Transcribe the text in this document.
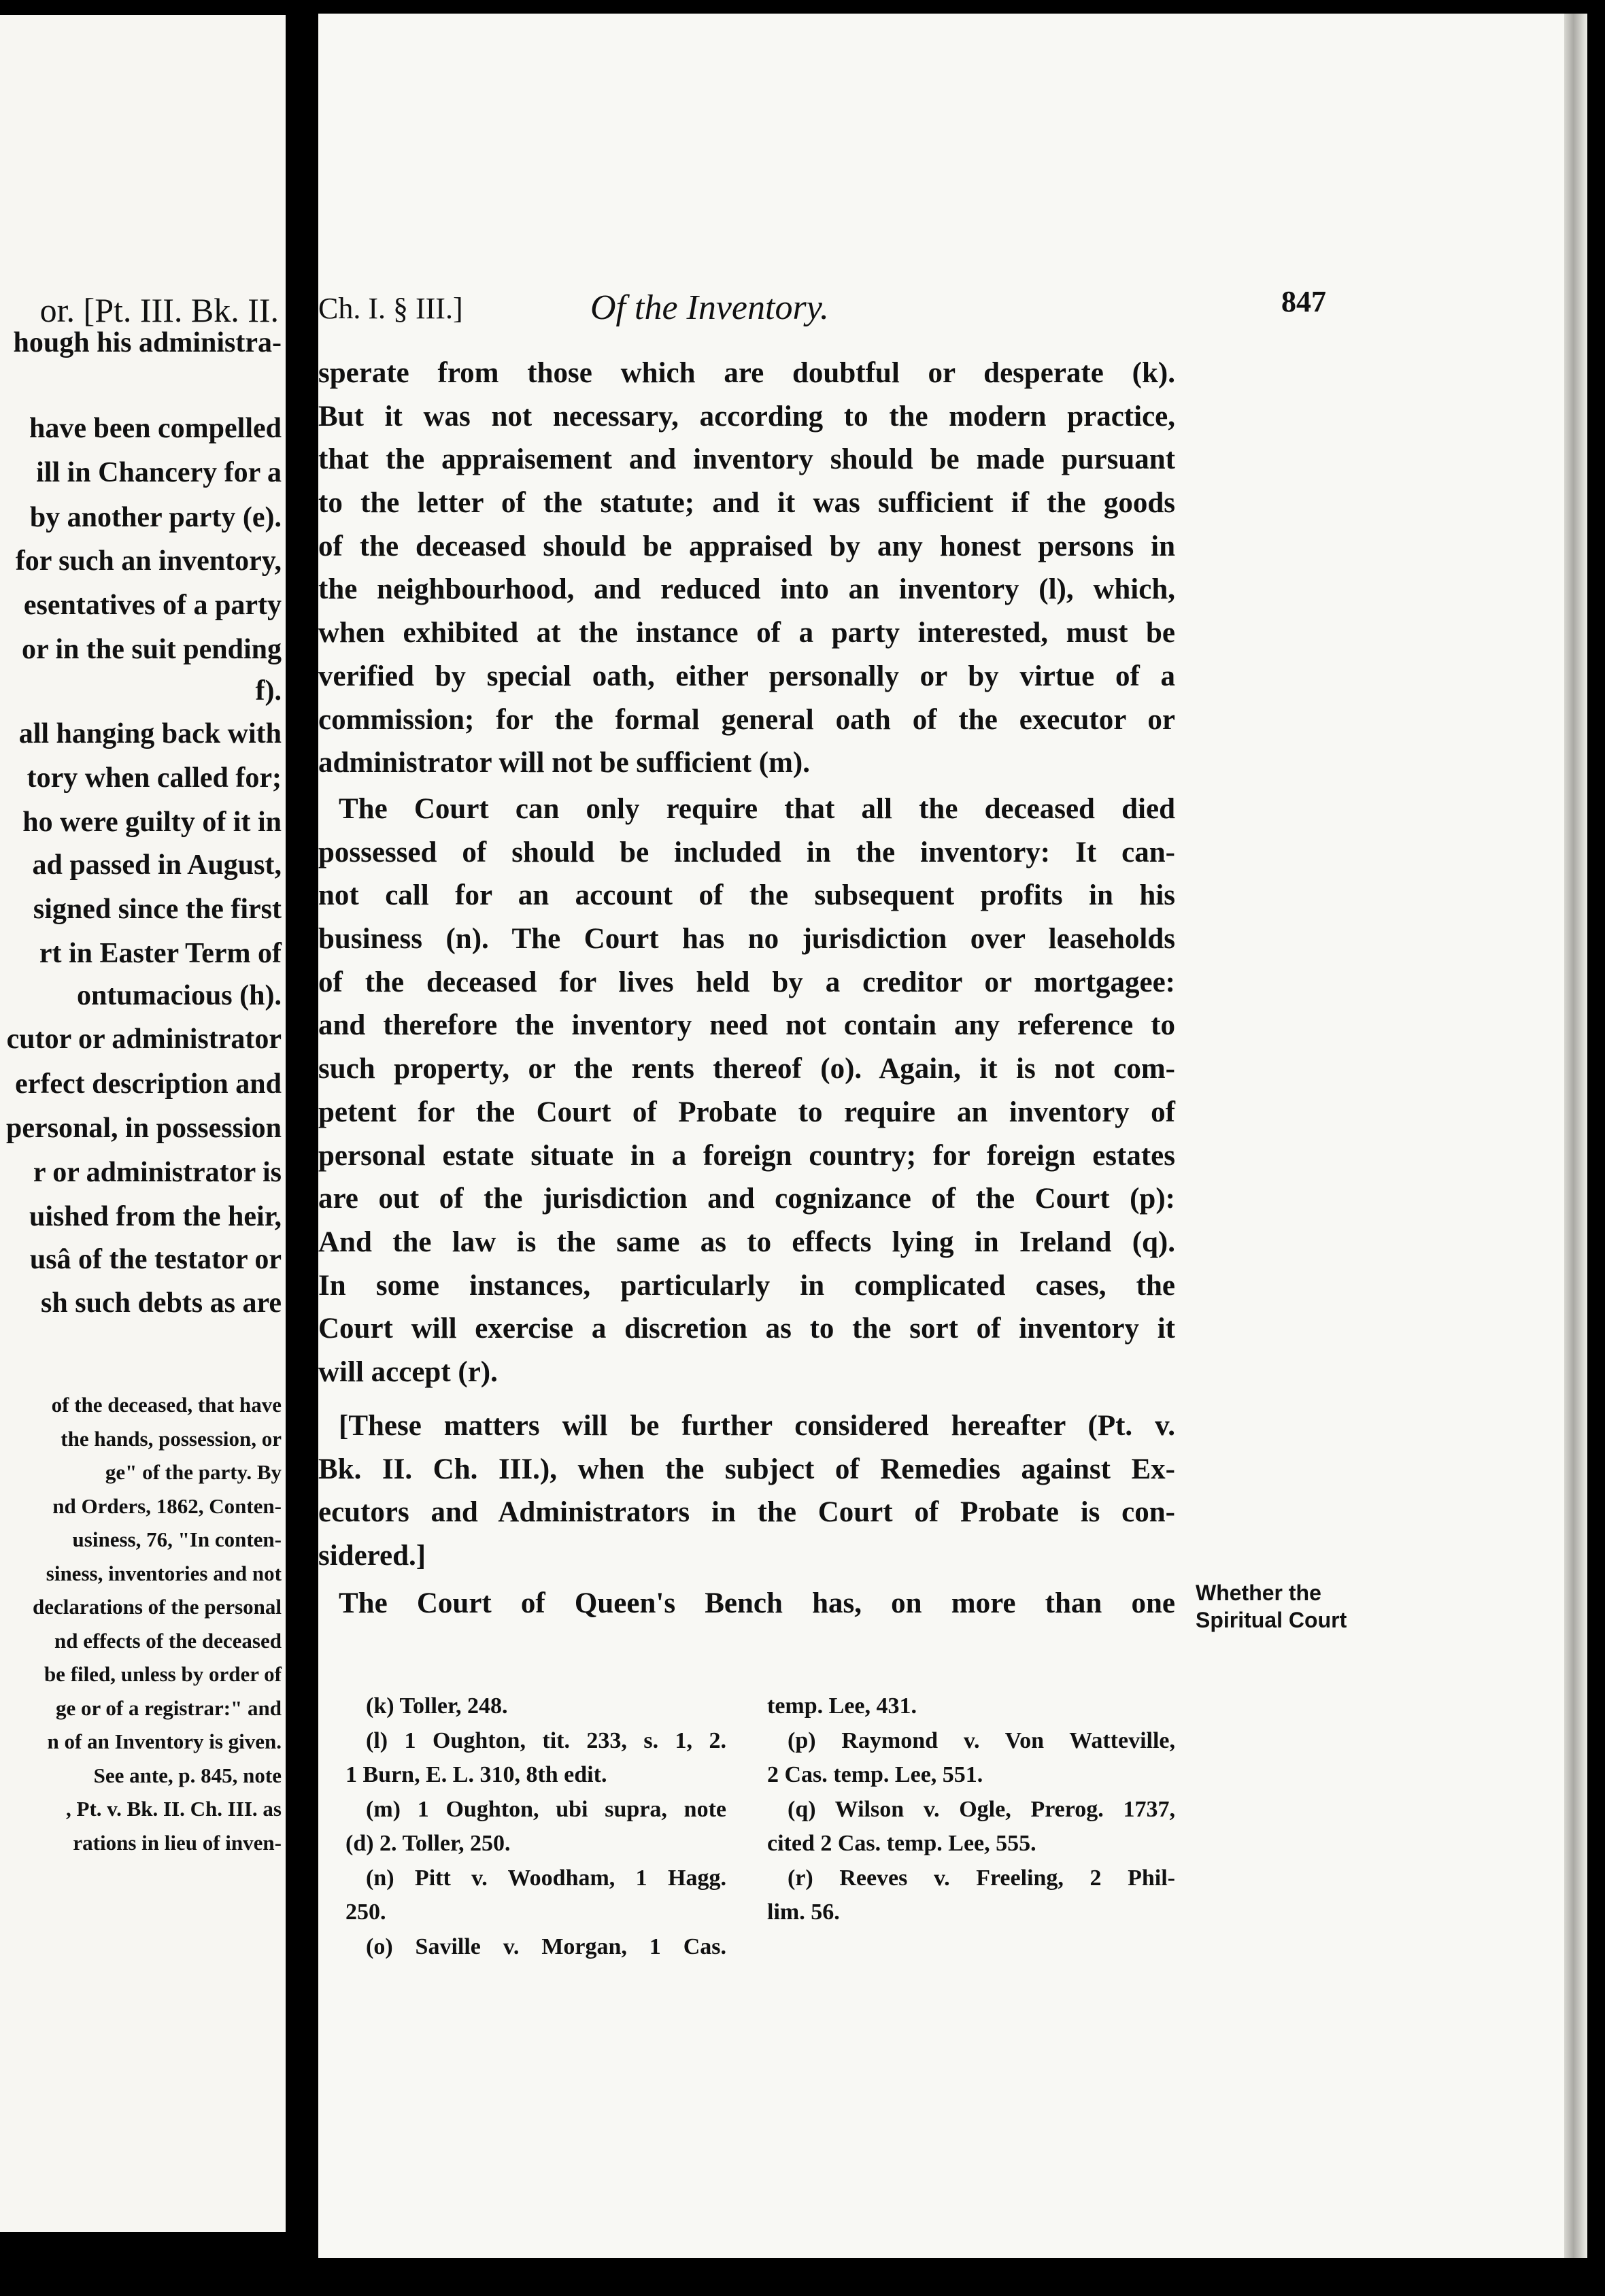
or. [Pt. III. Bk. II.
hough his administra-
have been compelled
ill in Chancery for a
by another party (e).
for such an inventory,
esentatives of a party
or in the suit pending
f).
all hanging back with
tory when called for;
ho were guilty of it in
ad passed in August,
signed since the first
rt in Easter Term of
ontumacious (h).
cutor or administrator
erfect description and
personal, in possession
r or administrator is
uished from the heir,
usâ of the testator or
sh such debts as are
of the deceased, that have
the hands, possession, or
ge" of the party. By
nd Orders, 1862, Conten-
usiness, 76, "In conten-
siness, inventories and not
declarations of the personal
nd effects of the deceased
be filed, unless by order of
ge or of a registrar:" and
n of an Inventory is given.
See ante, p. 845, note
, Pt. v. Bk. II. Ch. III. as
rations in lieu of inven-
Ch. I. § III.]	Of the Inventory.	847
sperate from those which are doubtful or desperate (k).
But it was not necessary, according to the modern practice,
that the appraisement and inventory should be made pursuant
to the letter of the statute; and it was sufficient if the goods
of the deceased should be appraised by any honest persons in
the neighbourhood, and reduced into an inventory (l), which,
when exhibited at the instance of a party interested, must be
verified by special oath, either personally or by virtue of a
commission; for the formal general oath of the executor or
administrator will not be sufficient (m).
The Court can only require that all the deceased died
possessed of should be included in the inventory: It can-
not call for an account of the subsequent profits in his
business (n). The Court has no jurisdiction over leaseholds
of the deceased for lives held by a creditor or mortgagee:
and therefore the inventory need not contain any reference to
such property, or the rents thereof (o). Again, it is not com-
petent for the Court of Probate to require an inventory of
personal estate situate in a foreign country; for foreign estates
are out of the jurisdiction and cognizance of the Court (p):
And the law is the same as to effects lying in Ireland (q).
In some instances, particularly in complicated cases, the
Court will exercise a discretion as to the sort of inventory it
will accept (r).
[These matters will be further considered hereafter (Pt. v.
Bk. II. Ch. III.), when the subject of Remedies against Ex-
ecutors and Administrators in the Court of Probate is con-
sidered.]
The Court of Queen's Bench has, on more than one Whether the
Spiritual Court
(k) Toller, 248.
(l) 1 Oughton, tit. 233, s. 1, 2.
1 Burn, E. L. 310, 8th edit.
(m) 1 Oughton, ubi supra, note
(d) 2. Toller, 250.
(n) Pitt v. Woodham, 1 Hagg.
250.
(o) Saville v. Morgan, 1 Cas.
temp. Lee, 431.
(p) Raymond v. Von Watteville,
2 Cas. temp. Lee, 551.
(q) Wilson v. Ogle, Prerog. 1737,
cited 2 Cas. temp. Lee, 555.
(r) Reeves v. Freeling, 2 Phil-
lim. 56.
